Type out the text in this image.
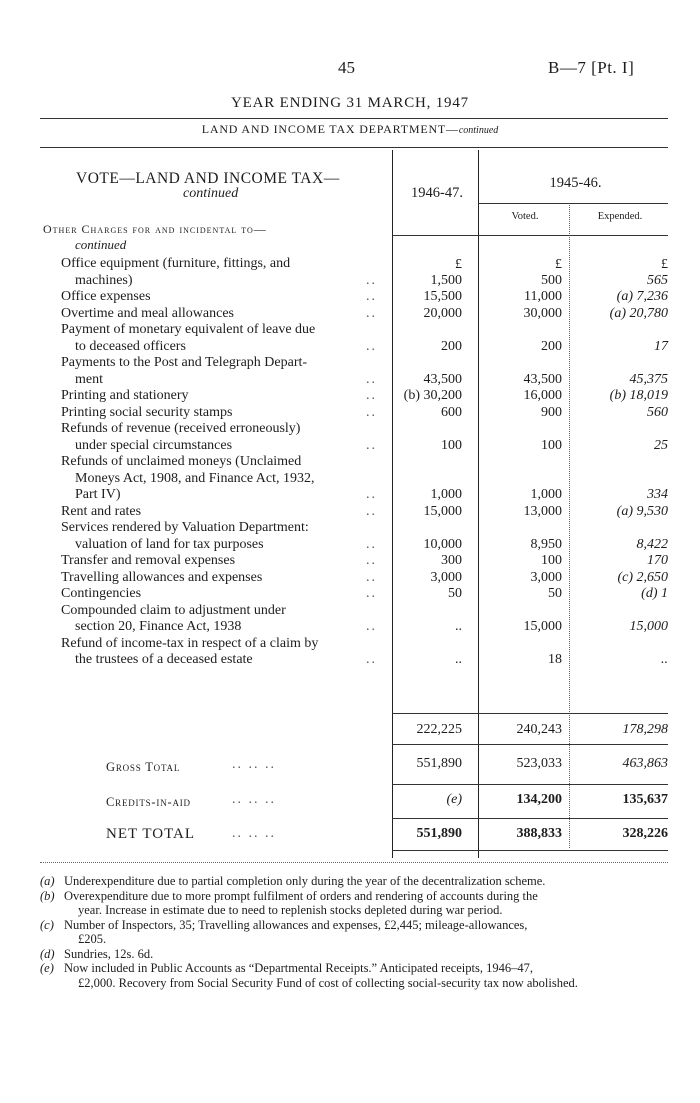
45	B—7 [Pt. I]
YEAR ENDING 31 MARCH, 1947
LAND AND INCOME TAX DEPARTMENT—continued
VOTE—LAND AND INCOME TAX—
continued	1946-47.
1945-46.
Voted.	Expended.
Other Charges for and incidental to—
continued
£	£	£
Office equipment (furniture, fittings, and
machines)	1,500	500	565
..
Office expenses	15,500	11,000	(a) 7,236
..
Overtime and meal allowances	20,000	30,000	(a) 20,780
..
Payment of monetary equivalent of leave due
to deceased officers	200	200	17
..
Payments to the Post and Telegraph Depart-
ment	43,500	43,500	45,375
..
Printing and stationery	(b) 30,200	16,000	(b) 18,019
..
Printing social security stamps	600	900	560
..
Refunds of revenue (received erroneously)
under special circumstances	100	100	25
..
Refunds of unclaimed moneys (Unclaimed
Moneys Act, 1908, and Finance Act, 1932,
Part IV)	1,000	1,000	334
..
Rent and rates	15,000	13,000	(a) 9,530
..
Services rendered by Valuation Department:
valuation of land for tax purposes	10,000	8,950	8,422
..
Transfer and removal expenses	300	100	170
..
Travelling allowances and expenses	3,000	3,000	(c) 2,650
..
Contingencies	50	50	(d) 1
..
Compounded claim to adjustment under
section 20, Finance Act, 1938	..	15,000	15,000
..
Refund of income-tax in respect of a claim by
the trustees of a deceased estate	..	18	..
..
222,225	240,243	178,298
Gross Total	.. .. ..	551,890	523,033	463,863
Credits-in-aid	.. .. ..	(e)	134,200	135,637
NET TOTAL	.. .. ..	551,890	388,833	328,226
(a) Underexpenditure due to partial completion only during the year of the decentralization scheme.
(b) Overexpenditure due to more prompt fulfilment of orders and rendering of accounts during the
year. Increase in estimate due to need to replenish stocks depleted during war period.
(c) Number of Inspectors, 35; Travelling allowances and expenses, £2,445; mileage-allowances,
£205.
(d) Sundries, 12s. 6d.
(e) Now included in Public Accounts as “Departmental Receipts.” Anticipated receipts, 1946–47,
£2,000. Recovery from Social Security Fund of cost of collecting social-security tax now abolished.
